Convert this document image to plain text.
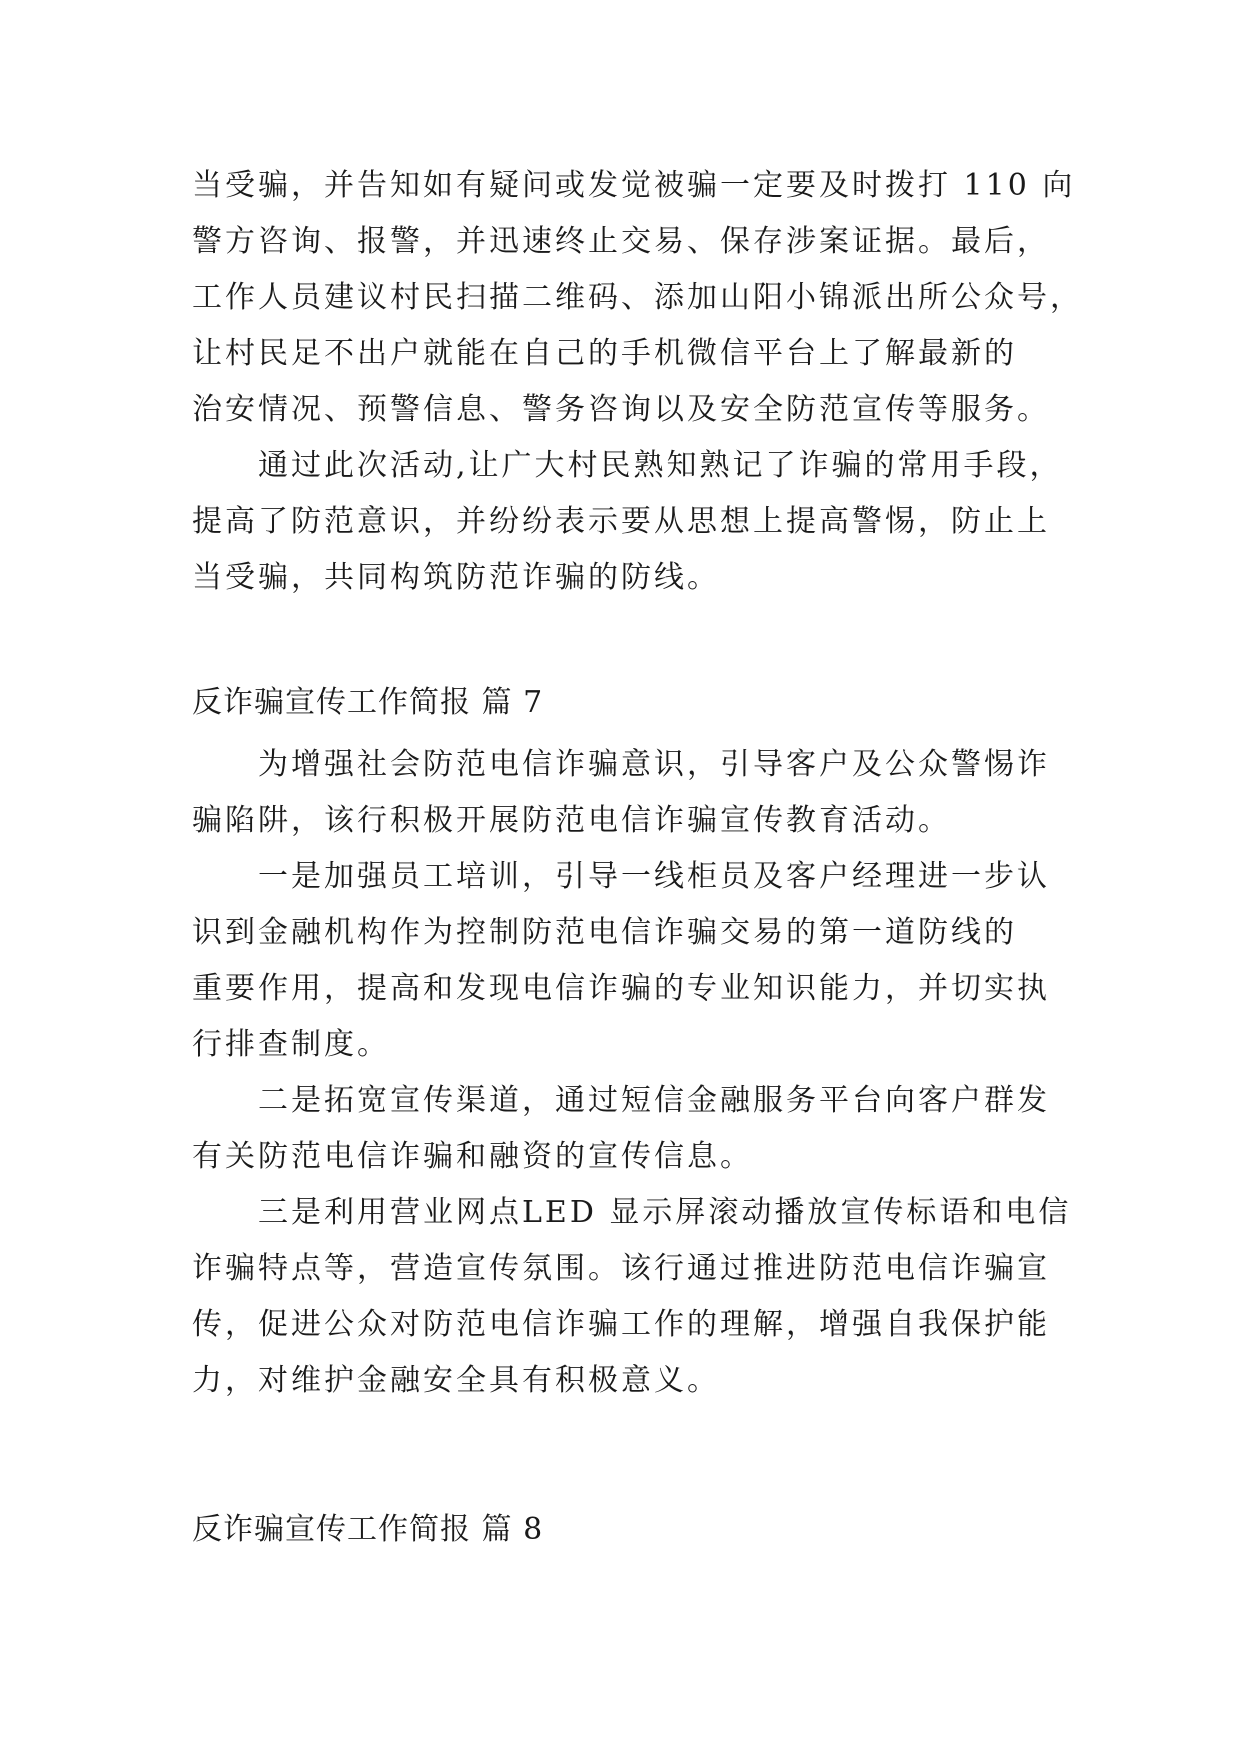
当受骗，并告知如有疑问或发觉被骗一定要及时拨打 110 向
警方咨询、报警，并迅速终止交易、保存涉案证据。最后，
工作人员建议村民扫描二维码、添加山阳小锦派出所公众号，
让村民足不出户就能在自己的手机微信平台上了解最新的
治安情况、预警信息、警务咨询以及安全防范宣传等服务。
通过此次活动,让广大村民熟知熟记了诈骗的常用手段，
提高了防范意识，并纷纷表示要从思想上提高警惕，防止上
当受骗，共同构筑防范诈骗的防线。
反诈骗宣传工作简报 篇 7
为增强社会防范电信诈骗意识，引导客户及公众警惕诈
骗陷阱，该行积极开展防范电信诈骗宣传教育活动。
一是加强员工培训，引导一线柜员及客户经理进一步认
识到金融机构作为控制防范电信诈骗交易的第一道防线的
重要作用，提高和发现电信诈骗的专业知识能力，并切实执
行排查制度。
二是拓宽宣传渠道，通过短信金融服务平台向客户群发
有关防范电信诈骗和融资的宣传信息。
三是利用营业网点LED 显示屏滚动播放宣传标语和电信
诈骗特点等，营造宣传氛围。该行通过推进防范电信诈骗宣
传，促进公众对防范电信诈骗工作的理解，增强自我保护能
力，对维护金融安全具有积极意义。
反诈骗宣传工作简报 篇 8
